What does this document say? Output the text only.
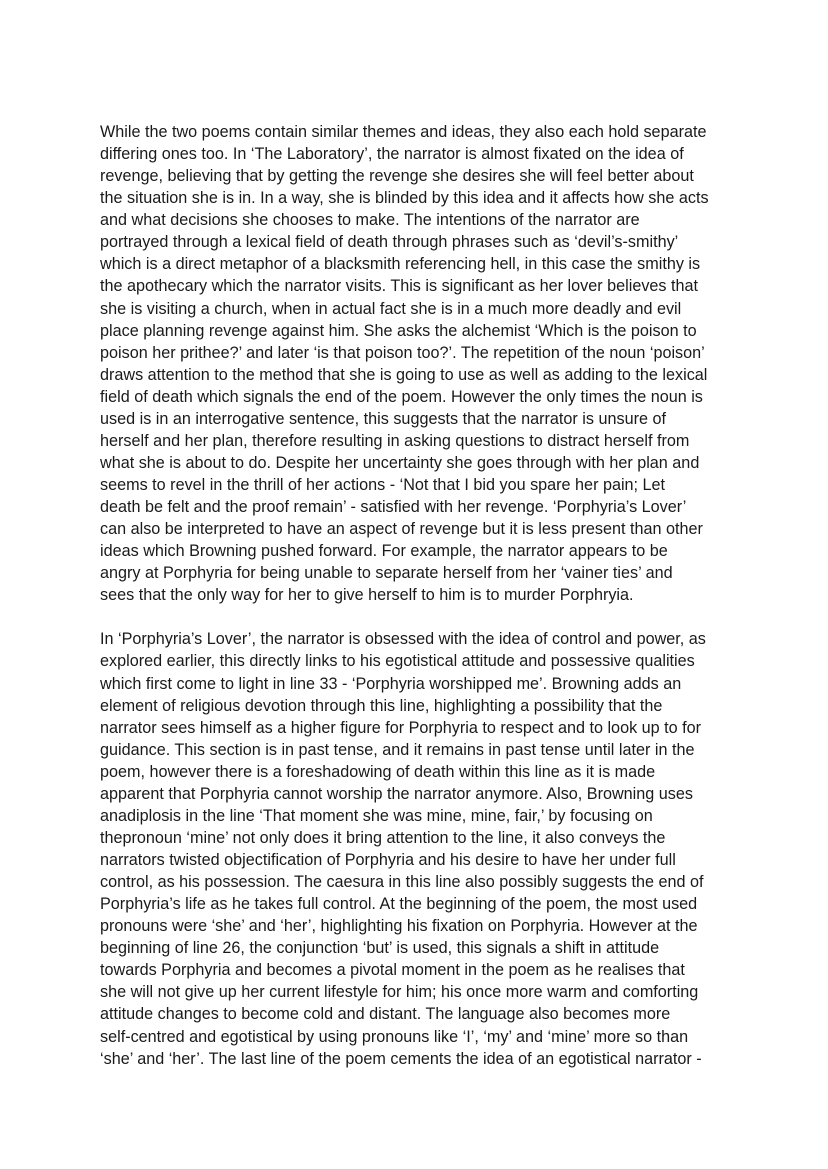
While the two poems contain similar themes and ideas, they also each hold separate
differing ones too. In ‘The Laboratory’, the narrator is almost fixated on the idea of
revenge, believing that by getting the revenge she desires she will feel better about
the situation she is in. In a way, she is blinded by this idea and it affects how she acts
and what decisions she chooses to make. The intentions of the narrator are
portrayed through a lexical field of death through phrases such as ‘devil’s-smithy’
which is a direct metaphor of a blacksmith referencing hell, in this case the smithy is
the apothecary which the narrator visits. This is significant as her lover believes that
she is visiting a church, when in actual fact she is in a much more deadly and evil
place planning revenge against him. She asks the alchemist ‘Which is the poison to
poison her prithee?’ and later ‘is that poison too?’. The repetition of the noun ‘poison’
draws attention to the method that she is going to use as well as adding to the lexical
field of death which signals the end of the poem. However the only times the noun is
used is in an interrogative sentence, this suggests that the narrator is unsure of
herself and her plan, therefore resulting in asking questions to distract herself from
what she is about to do. Despite her uncertainty she goes through with her plan and
seems to revel in the thrill of her actions - ‘Not that I bid you spare her pain; Let
death be felt and the proof remain’ - satisfied with her revenge. ‘Porphyria’s Lover’
can also be interpreted to have an aspect of revenge but it is less present than other
ideas which Browning pushed forward. For example, the narrator appears to be
angry at Porphyria for being unable to separate herself from her ‘vainer ties’ and
sees that the only way for her to give herself to him is to murder Porphryia.

In ‘Porphyria’s Lover’, the narrator is obsessed with the idea of control and power, as
explored earlier, this directly links to his egotistical attitude and possessive qualities
which first come to light in line 33 - ‘Porphyria worshipped me’. Browning adds an
element of religious devotion through this line, highlighting a possibility that the
narrator sees himself as a higher figure for Porphyria to respect and to look up to for
guidance. This section is in past tense, and it remains in past tense until later in the
poem, however there is a foreshadowing of death within this line as it is made
apparent that Porphyria cannot worship the narrator anymore. Also, Browning uses
anadiplosis in the line ‘That moment she was mine, mine, fair,’ by focusing on
thepronoun ‘mine’ not only does it bring attention to the line, it also conveys the
narrators twisted objectification of Porphyria and his desire to have her under full
control, as his possession. The caesura in this line also possibly suggests the end of
Porphyria’s life as he takes full control. At the beginning of the poem, the most used
pronouns were ‘she’ and ‘her’, highlighting his fixation on Porphyria. However at the
beginning of line 26, the conjunction ‘but’ is used, this signals a shift in attitude
towards Porphyria and becomes a pivotal moment in the poem as he realises that
she will not give up her current lifestyle for him; his once more warm and comforting
attitude changes to become cold and distant. The language also becomes more
self-centred and egotistical by using pronouns like ‘I’, ‘my’ and ‘mine’ more so than
‘she’ and ‘her’. The last line of the poem cements the idea of an egotistical narrator -
